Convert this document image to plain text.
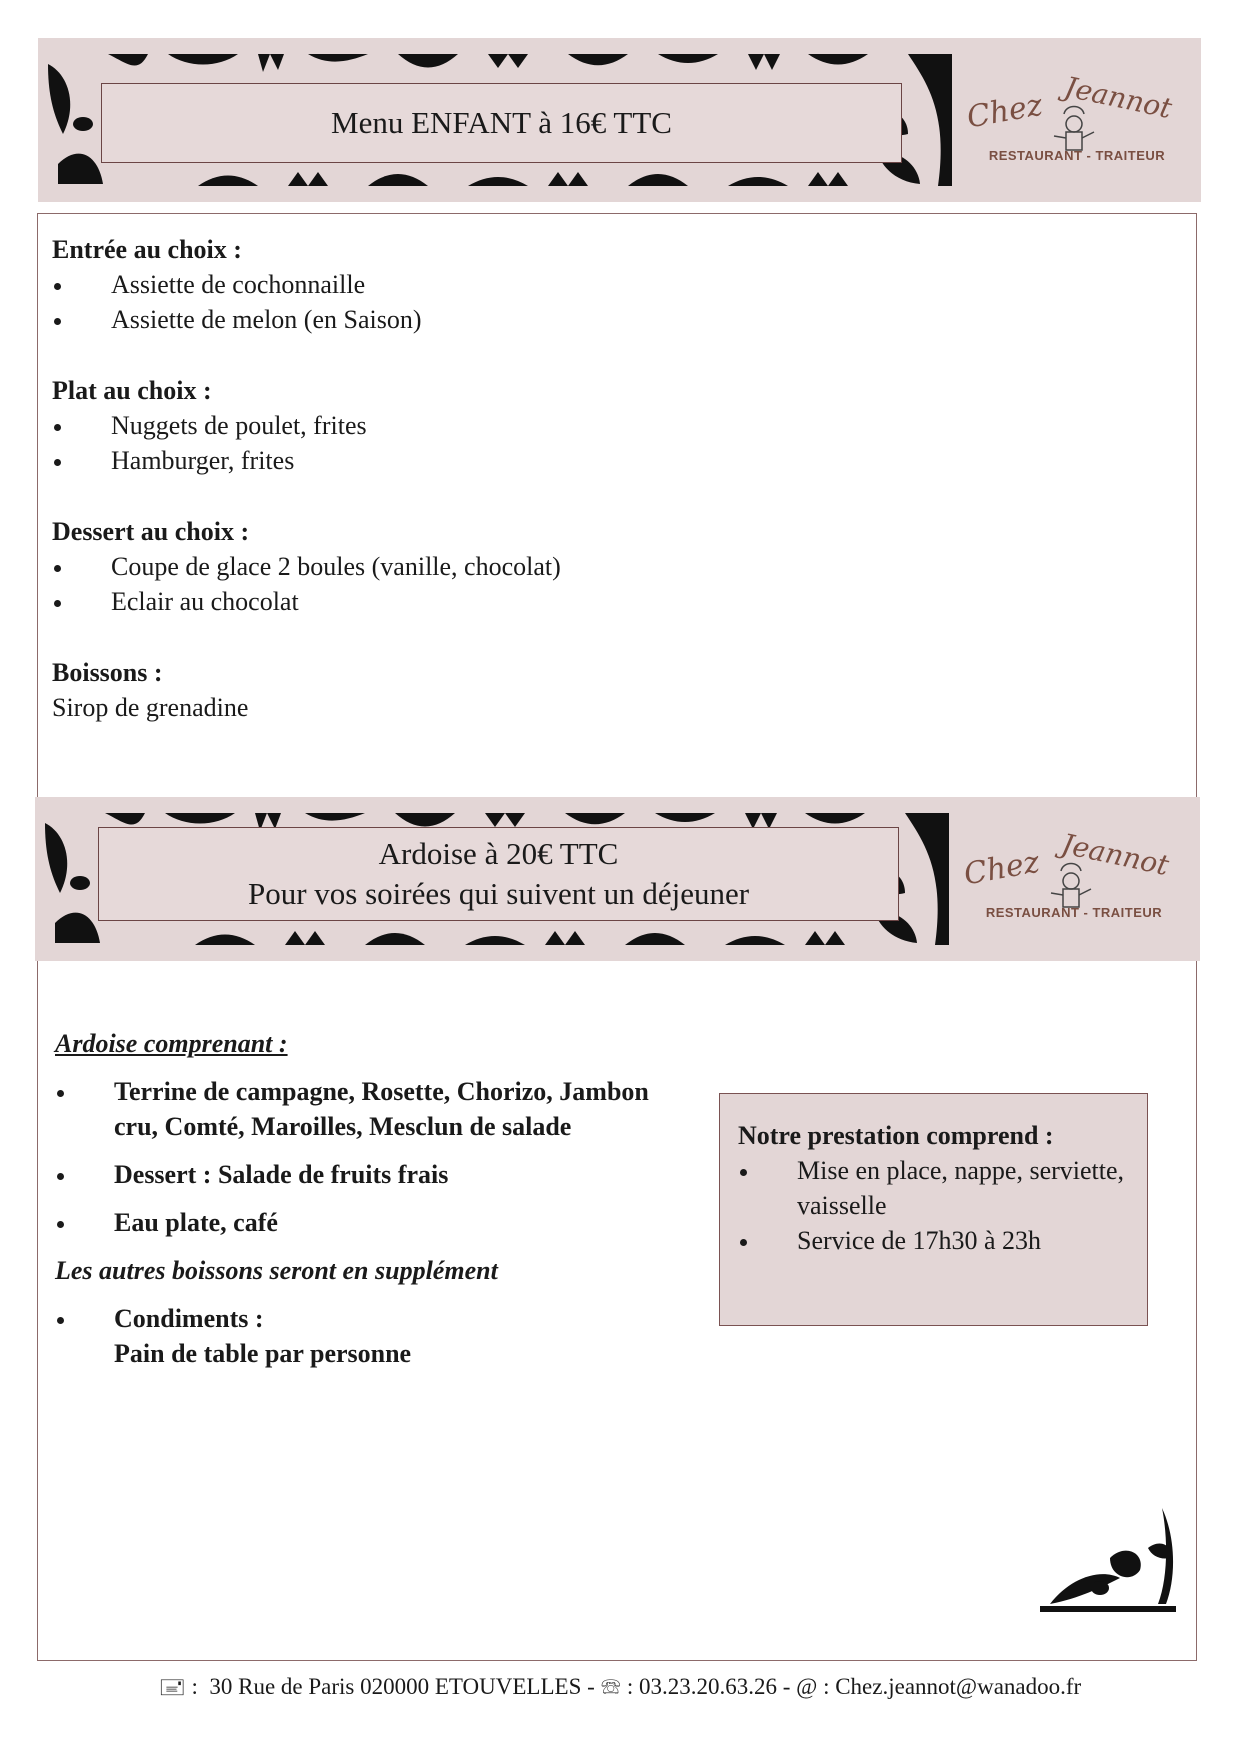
Menu ENFANT à 16€ TTC	Chez Jeannot
RESTAURANT - TRAITEUR
Entrée au choix :
Assiette de cochonnaille
Assiette de melon (en Saison)
Plat au choix :
Nuggets de poulet, frites
Hamburger, frites
Dessert au choix :
Coupe de glace 2 boules (vanille, chocolat)
Eclair au chocolat
Boissons :
Sirop de grenadine
Ardoise à 20€ TTC
Pour vos soirées qui suivent un déjeuner
Chez Jeannot
RESTAURANT - TRAITEUR
Ardoise comprenant :
Terrine de campagne, Rosette, Chorizo, Jambon cru, Comté, Maroilles, Mesclun de salade
Dessert : Salade de fruits frais
Eau plate, café
Les autres boissons seront en supplément
Condiments :
Pain de table par personne
Notre prestation comprend :
Mise en place, nappe, serviette, vaisselle
Service de 17h30 à 23h
🖃 :  30 Rue de Paris 020000 ETOUVELLES - ☏ : 03.23.20.63.26 - @ : Chez.jeannot@wanadoo.fr
